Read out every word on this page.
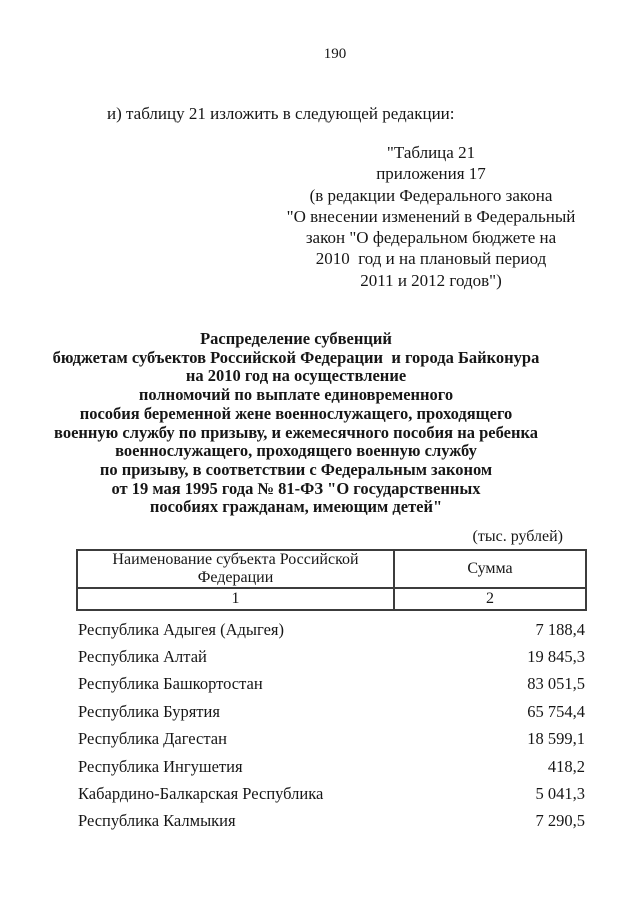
190
и) таблицу 21 изложить в следующей редакции:
"Таблица 21
приложения 17
(в редакции Федерального закона
"О внесении изменений в Федеральный
закон "О федеральном бюджете на
2010  год и на плановый период
2011 и 2012 годов")
Распределение субвенций
бюджетам субъектов Российской Федерации  и города Байконура
на 2010 год на осуществление
полномочий по выплате единовременного
пособия беременной жене военнослужащего, проходящего
военную службу по призыву, и ежемесячного пособия на ребенка
военнослужащего, проходящего военную службу
по призыву, в соответствии с Федеральным законом
от 19 мая 1995 года № 81-ФЗ "О государственных
пособиях гражданам, имеющим детей"
(тыс. рублей)
Наименование субъекта Российской Федерации	Сумма
1	2
Республика Адыгея (Адыгея)	7 188,4
Республика Алтай	19 845,3
Республика Башкортостан	83 051,5
Республика Бурятия	65 754,4
Республика Дагестан	18 599,1
Республика Ингушетия	418,2
Кабардино-Балкарская Республика	5 041,3
Республика Калмыкия	7 290,5
